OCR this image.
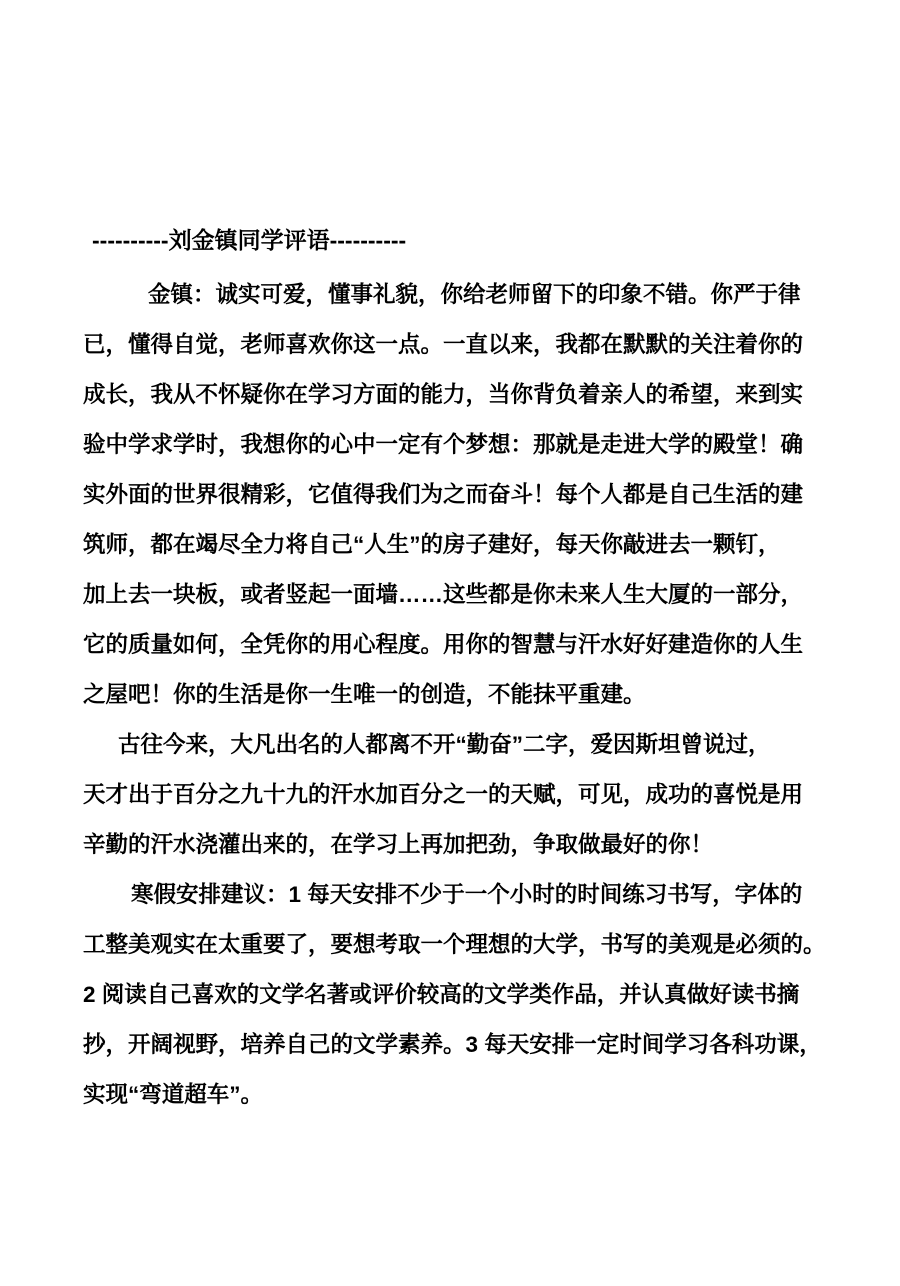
----------刘金镇同学评语----------

金镇：诚实可爱，懂事礼貌，你给老师留下的印象不错。你严于律
已，懂得自觉，老师喜欢你这一点。一直以来，我都在默默的关注着你的
成长，我从不怀疑你在学习方面的能力，当你背负着亲人的希望，来到实
验中学求学时，我想你的心中一定有个梦想：那就是走进大学的殿堂！确
实外面的世界很精彩，它值得我们为之而奋斗！每个人都是自己生活的建
筑师，都在竭尽全力将自己“人生”的房子建好，每天你敲进去一颗钉，
加上去一块板，或者竖起一面墙……这些都是你未来人生大厦的一部分，
它的质量如何，全凭你的用心程度。用你的智慧与汗水好好建造你的人生
之屋吧！你的生活是你一生唯一的创造，不能抹平重建。

古往今来，大凡出名的人都离不开“勤奋”二字，爱因斯坦曾说过，
天才出于百分之九十九的汗水加百分之一的天赋，可见，成功的喜悦是用
辛勤的汗水浇灌出来的，在学习上再加把劲，争取做最好的你！

寒假安排建议：1 每天安排不少于一个小时的时间练习书写，字体的
工整美观实在太重要了，要想考取一个理想的大学，书写的美观是必须的。
2 阅读自己喜欢的文学名著或评价较高的文学类作品，并认真做好读书摘
抄，开阔视野，培养自己的文学素养。3 每天安排一定时间学习各科功课，
实现“弯道超车”。
